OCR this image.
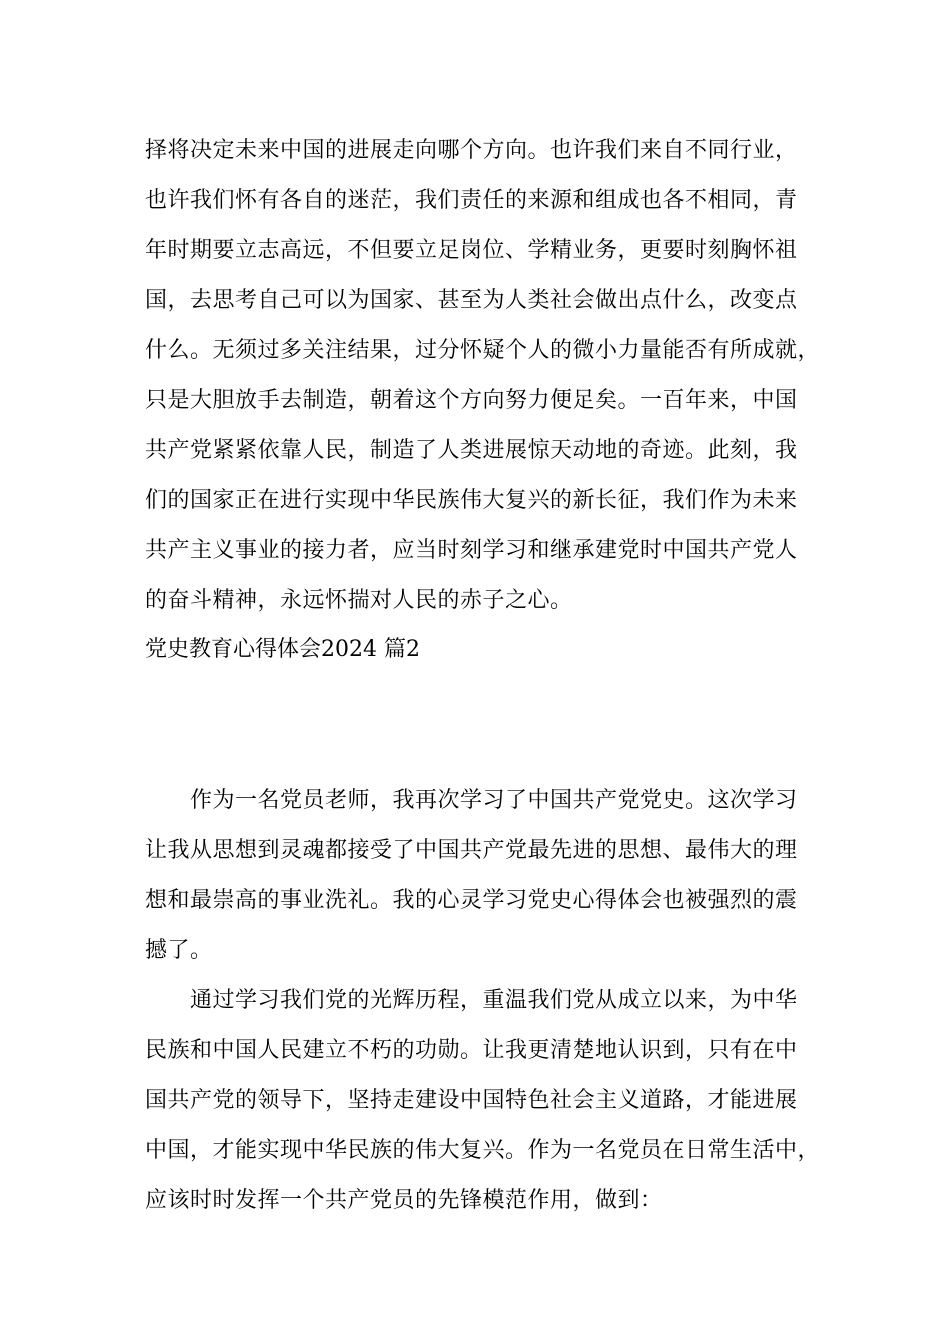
择将决定未来中国的进展走向哪个方向。也许我们来自不同行业，
也许我们怀有各自的迷茫，我们责任的来源和组成也各不相同，青
年时期要立志高远，不但要立足岗位、学精业务，更要时刻胸怀祖
国，去思考自己可以为国家、甚至为人类社会做出点什么，改变点
什么。无须过多关注结果，过分怀疑个人的微小力量能否有所成就，
只是大胆放手去制造，朝着这个方向努力便足矣。一百年来，中国
共产党紧紧依靠人民，制造了人类进展惊天动地的奇迹。此刻，我
们的国家正在进行实现中华民族伟大复兴的新长征，我们作为未来
共产主义事业的接力者，应当时刻学习和继承建党时中国共产党人
的奋斗精神，永远怀揣对人民的赤子之心。
党史教育心得体会2024 篇2
作为一名党员老师，我再次学习了中国共产党党史。这次学习
让我从思想到灵魂都接受了中国共产党最先进的思想、最伟大的理
想和最崇高的事业洗礼。我的心灵学习党史心得体会也被强烈的震
撼了。
通过学习我们党的光辉历程，重温我们党从成立以来，为中华
民族和中国人民建立不朽的功勋。让我更清楚地认识到，只有在中
国共产党的领导下，坚持走建设中国特色社会主义道路，才能进展
中国，才能实现中华民族的伟大复兴。作为一名党员在日常生活中，
应该时时发挥一个共产党员的先锋模范作用，做到：
